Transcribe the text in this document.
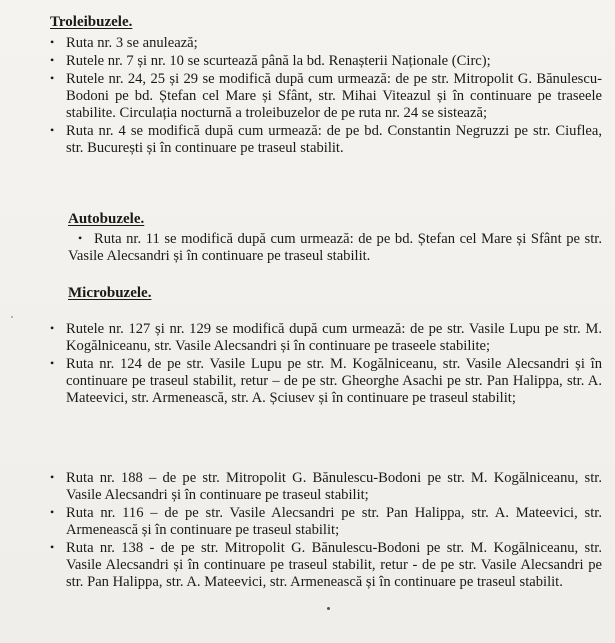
Troleibuzele.
• Ruta nr. 3 se anulează;
• Rutele nr. 7 și nr. 10 se scurtează până la bd. Renașterii Naționale (Circ);
• Rutele nr. 24, 25 și 29 se modifică după cum urmează: de pe str. Mitropolit G. Bănulescu-Bodoni pe bd. Ștefan cel Mare și Sfânt, str. Mihai Viteazul și în continuare pe traseele stabilite. Circulația nocturnă a troleibuzelor de pe ruta nr. 24 se sistează;
• Ruta nr. 4 se modifică după cum urmează: de pe bd. Constantin Negruzzi pe str. Ciuflea, str. București și în continuare pe traseul stabilit.
Autobuzele.
• Ruta nr. 11 se modifică după cum urmează: de pe bd. Ștefan cel Mare și Sfânt pe str. Vasile Alecsandri și în continuare pe traseul stabilit.
Microbuzele.
• Rutele nr. 127 și nr. 129 se modifică după cum urmează: de pe str. Vasile Lupu pe str. M. Kogălniceanu, str. Vasile Alecsandri și în continuare pe traseele stabilite;
• Ruta nr. 124 de pe str. Vasile Lupu pe str. M. Kogălniceanu, str. Vasile Alecsandri și în continuare pe traseul stabilit, retur – de pe str. Gheorghe Asachi pe str. Pan Halippa, str. A. Mateevici, str. Armenească, str. A. Șciusev și în continuare pe traseul stabilit;
• Ruta nr. 188 – de pe str. Mitropolit G. Bănulescu-Bodoni pe str. M. Kogălniceanu, str. Vasile Alecsandri și în continuare pe traseul stabilit;
• Ruta nr. 116 – de pe str. Vasile Alecsandri pe str. Pan Halippa, str. A. Mateevici, str. Armenească și în continuare pe traseul stabilit;
• Ruta nr. 138 - de pe str. Mitropolit G. Bănulescu-Bodoni pe str. M. Kogălniceanu, str. Vasile Alecsandri și în continuare pe traseul stabilit, retur - de pe str. Vasile Alecsandri pe str. Pan Halippa, str. A. Mateevici, str. Armenească și în continuare pe traseul stabilit.
